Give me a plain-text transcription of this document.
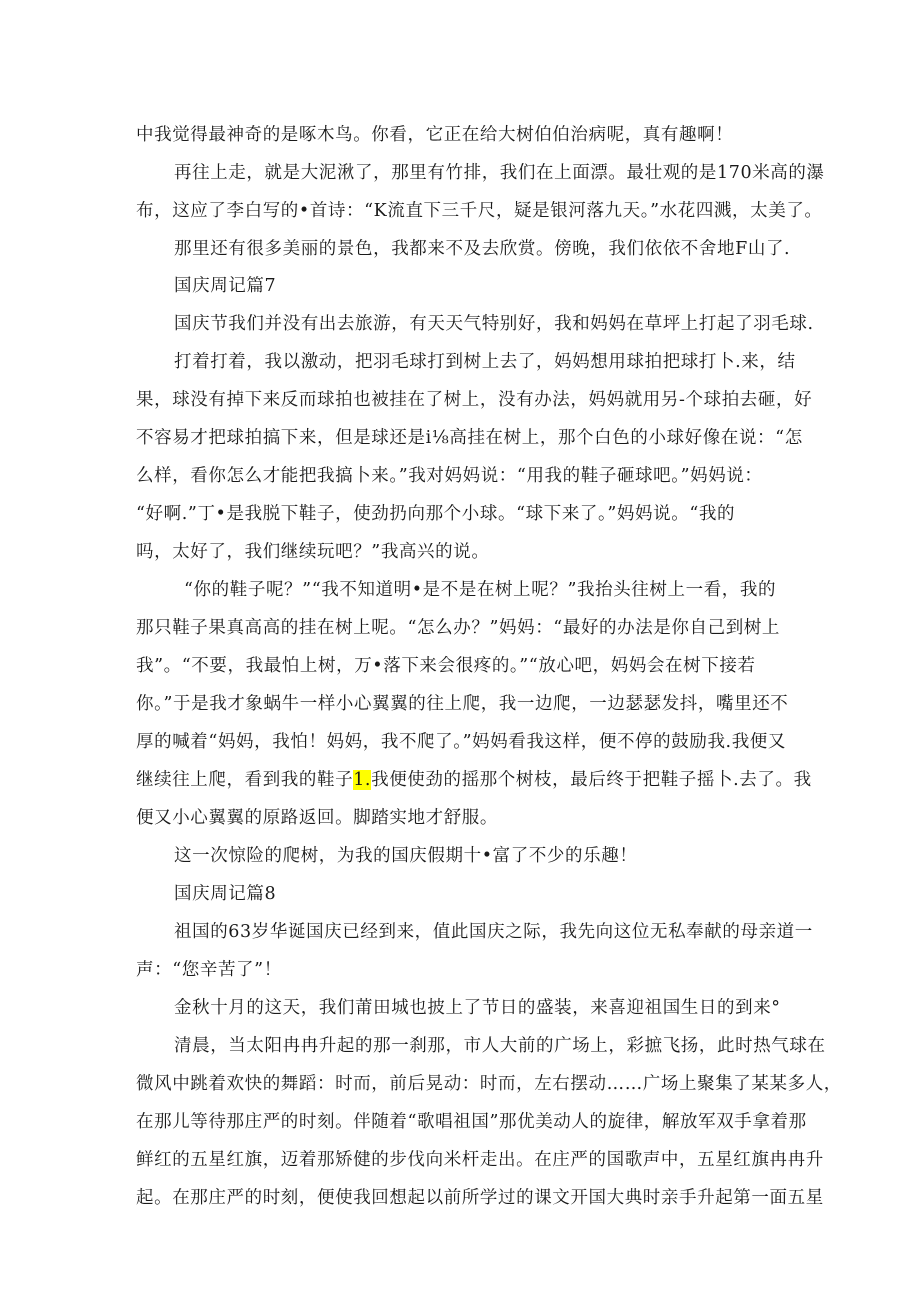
中我觉得最神奇的是啄木鸟。你看，它正在给大树伯伯治病呢，真有趣啊！
再往上走，就是大泥湫了，那里有竹排，我们在上面漂。最壮观的是170米高的瀑
布，这应了李白写的•首诗：“K流直下三千尺，疑是银河落九天。”水花四溅，太美了。
那里还有很多美丽的景色，我都来不及去欣赏。傍晚，我们依依不舍地F山了.
国庆周记篇7
国庆节我们并没有出去旅游，有天天气特别好，我和妈妈在草坪上打起了羽毛球.
打着打着，我以激动，把羽毛球打到树上去了，妈妈想用球拍把球打卜.来，结
果，球没有掉下来反而球拍也被挂在了树上，没有办法，妈妈就用另-个球拍去砸，好
不容易才把球拍搞下来，但是球还是i⅛高挂在树上，那个白色的小球好像在说：“怎
么样，看你怎么才能把我搞卜来。”我对妈妈说：“用我的鞋子砸球吧。”妈妈说：
“好啊.”丁•是我脱下鞋子，使劲扔向那个小球。“球下来了。”妈妈说。“我的
吗，太好了，我们继续玩吧？”我高兴的说。
“你的鞋子呢？”“我不知道明•是不是在树上呢？”我抬头往树上一看，我的
那只鞋子果真高高的挂在树上呢。“怎么办？”妈妈：“最好的办法是你自己到树上
我”。“不要，我最怕上树，万•落下来会很疼的。”“放心吧，妈妈会在树下接若
你。”于是我才象蜗牛一样小心翼翼的往上爬，我一边爬，一边瑟瑟发抖，嘴里还不
厚的喊着“妈妈，我怕！妈妈，我不爬了。”妈妈看我这样，便不停的鼓励我.我便又
继续往上爬，看到我的鞋子1.我便使劲的摇那个树枝，最后终于把鞋子摇卜.去了。我
便又小心翼翼的原路返回。脚踏实地才舒服。
这一次惊险的爬树，为我的国庆假期十•富了不少的乐趣！
国庆周记篇8
祖国的63岁华诞国庆已经到来，值此国庆之际，我先向这位无私奉献的母亲道一
声：“您辛苦了”！
金秋十月的这天，我们莆田城也披上了节日的盛装，来喜迎祖国生日的到来°
清晨，当太阳冉冉升起的那一刹那，市人大前的广场上，彩摭飞扬，此时热气球在
微风中跳着欢快的舞蹈：时而，前后晃动：时而，左右摆动……广场上聚集了某某多人，
在那儿等待那庄严的时刻。伴随着“歌唱祖国”那优美动人的旋律，解放军双手拿着那
鲜红的五星红旗，迈着那矫健的步伐向米杆走出。在庄严的国歌声中，五星红旗冉冉升
起。在那庄严的时刻，便使我回想起以前所学过的课文开国大典时亲手升起第一面五星
